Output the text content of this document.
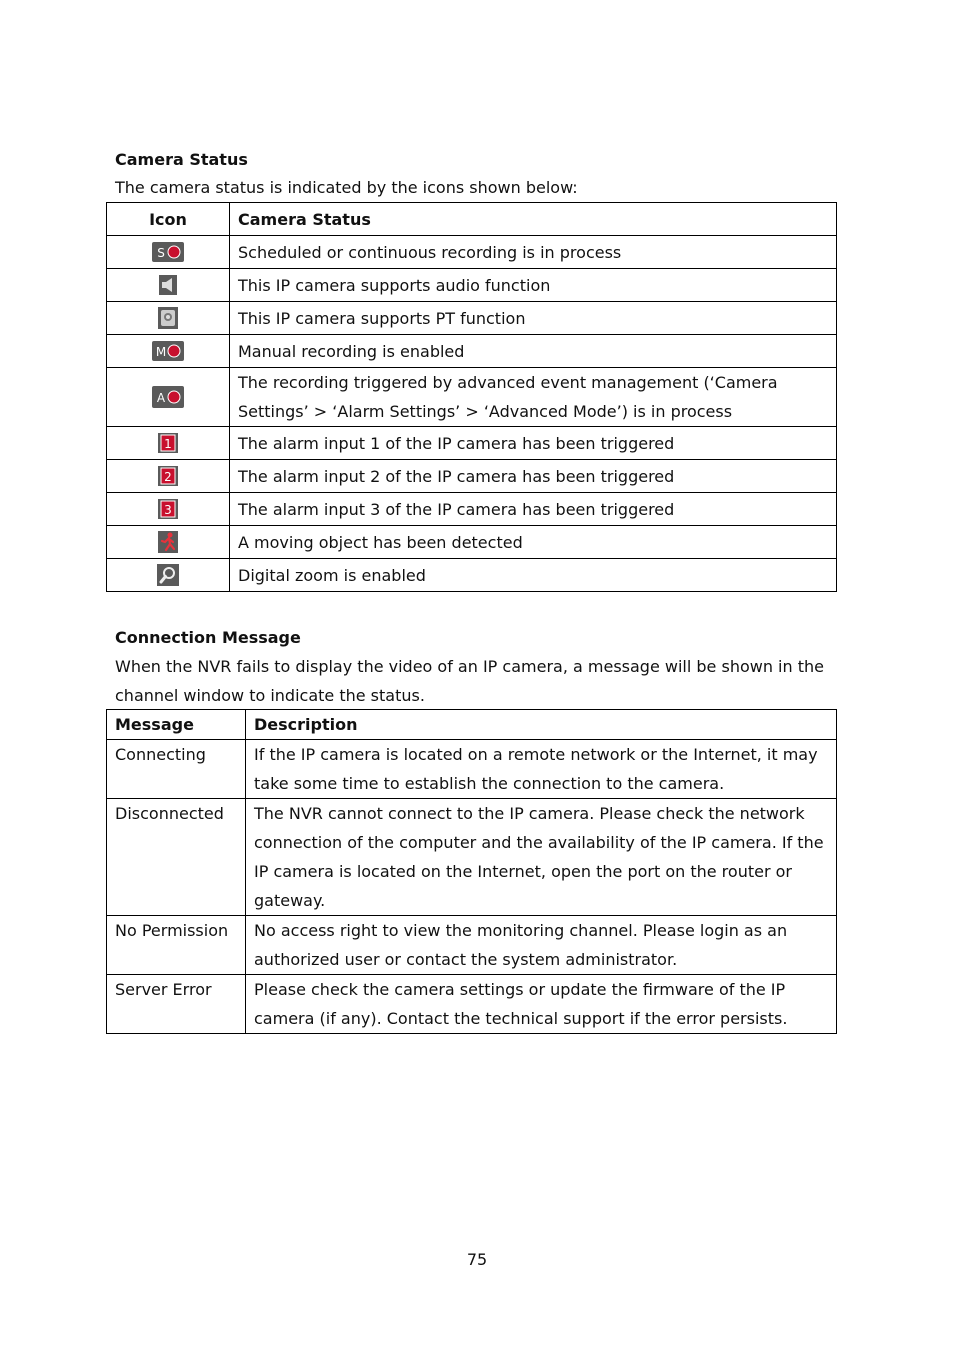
Camera Status

The camera status is indicated by the icons shown below:

Icon	Camera Status

S	Scheduled or continuous recording is in process
	This IP camera supports audio function
	This IP camera supports PT function

M	Manual recording is enabled

A	The recording triggered by advanced event management (‘Camera Settings’ > ‘Alarm Settings’ > ‘Advanced Mode’) is in process

1	The alarm input 1 of the IP camera has been triggered

2	The alarm input 2 of the IP camera has been triggered

3	The alarm input 3 of the IP camera has been triggered
	A moving object has been detected
	Digital zoom is enabled
Connection Message

When the NVR fails to display the video of an IP camera, a message will be shown in the channel window to indicate the status.

Message	Description
Connecting	If the IP camera is located on a remote network or the Internet, it may take some time to establish the connection to the camera.
Disconnected	The NVR cannot connect to the IP camera. Please check the network connection of the computer and the availability of the IP camera. If the IP camera is located on the Internet, open the port on the router or gateway.
No Permission	No access right to view the monitoring channel. Please login as an authorized user or contact the system administrator.
Server Error	Please check the camera settings or update the firmware of the IP camera (if any). Contact the technical support if the error persists.
75
